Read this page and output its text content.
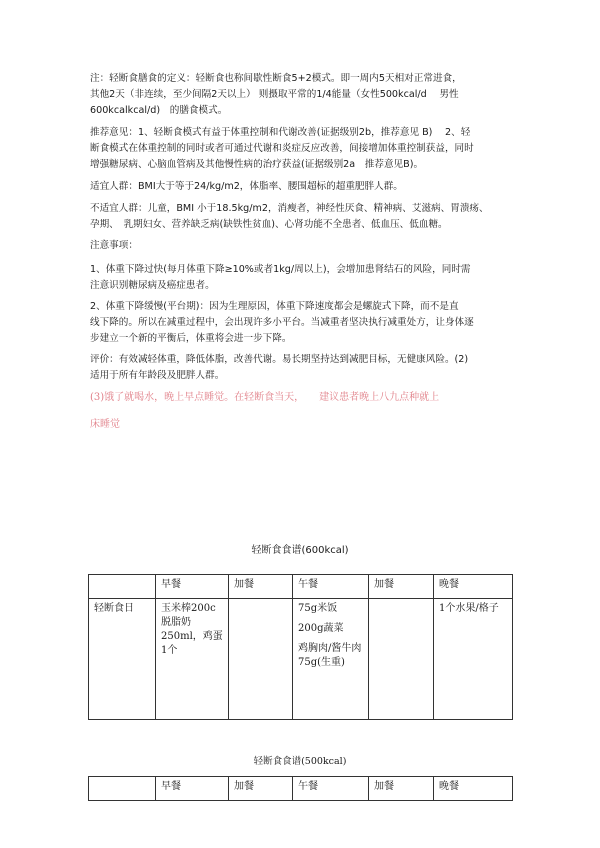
注：轻断食膳食的定义：轻断食也称间歇性断食5+2模式。即一周内5天相对正常进食，
其他2天（非连续，至少间隔2天以上） 则摄取平常的1/4能量（女性500kcal/d　 男性
600kcalkcal/d)　的膳食模式。

推荐意见：1、轻断食模式有益于体重控制和代谢改善(证据级别2b，推荐意见 B)　 2、轻
断食模式在体重控制的同时或者可通过代谢和炎症反应改善，间接增加体重控制获益，同时
增强糖尿病、心脑血管病及其他慢性病的治疗获益(证据级别2a　推荐意见B)。

适宜人群：BMI大于等于24/kg/m2，体脂率、腰围超标的超重肥胖人群。

不适宜人群：儿童，BMI 小于18.5kg/m2，消瘦者，神经性厌食、精神病、艾滋病、胃溃疡、
孕期、　乳期妇女、营养缺乏病(缺铁性贫血)、心肾功能不全患者、低血压、低血糖。

注意事项：

1、体重下降过快(每月体重下降≥10%或者1kg/周以上)，会增加患肾结石的风险，同时需
注意识别糖尿病及癌症患者。

2、体重下降缓慢(平台期)：因为生理原因，体重下降速度都会是螺旋式下降，而不是直
线下降的。所以在减重过程中，会出现许多小平台。当减重者坚决执行减重处方，让身体逐
步建立一个新的平衡后，体重将会进一步下降。

评价：有效减轻体重，降低体脂，改善代谢。易长期坚持达到减肥目标，无健康风险。(2)
适用于所有年龄段及肥胖人群。

(3)饿了就喝水，晚上早点睡觉。在轻断食当天，　　建议患者晚上八九点种就上
床睡觉

轻断食食谱(600kcal)
	早餐	加餐	午餐	加餐	晚餐
轻断食日	玉米棒200c脱脂奶250ml，鸡蛋1个		75g米饭

200g蔬菜

鸡胸肉/酱牛肉75g(生重)		1个水果/格子
轻断食食谱(500kcal)
	早餐	加餐	午餐	加餐	晚餐
